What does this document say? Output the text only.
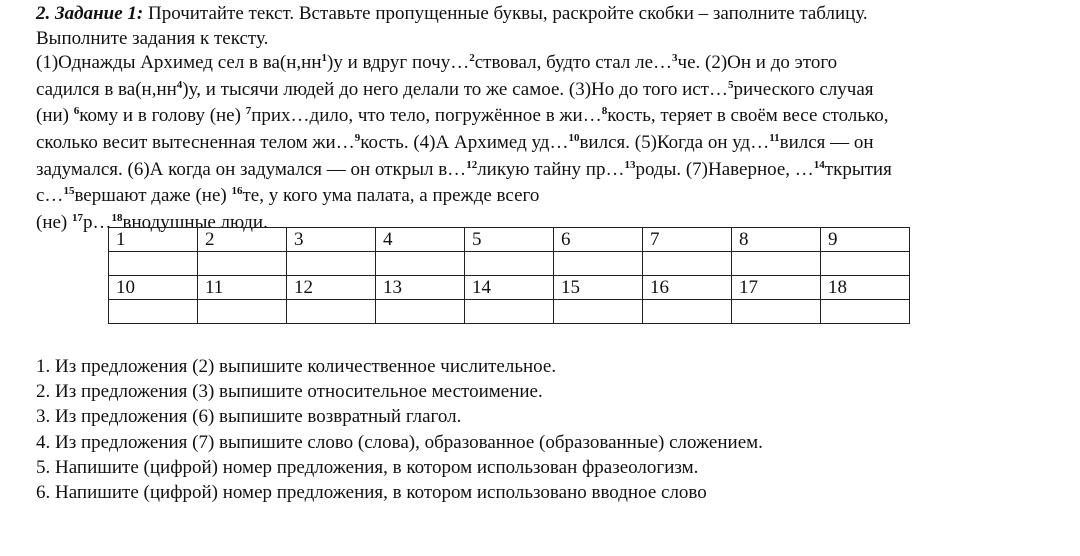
2. Задание 1: Прочитайте текст. Вставьте пропущенные буквы, раскройте скобки – заполните таблицу.
Выполните задания к тексту.
(1)Однажды Архимед сел в $ва(н,нн^1)у$ и вдруг почу…$^2$ствовал, будто стал ле…$^3$че. (2)Он и до этого
садился в $ва(н,нн^4)у$, и тысячи людей до него делали то же самое. (3)Но до того ист…$^5$рического случая
(ни) $^6$кому и в голову (не) $^7$прих…дило, что тело, погружённое в жи…$^8$кость, теряет в своём весе столько,
сколько весит вытесненная телом жи…$^9$кость. (4)А Архимед уд…$^{10}$вился. (5)Когда он уд…$^{11}$вился — он
задумался. (6)А когда он задумался — он открыл в…$^{12}$ликую тайну пр…$^{13}$роды. (7)Наверное, …$^{14}$ткрытия
с…$^{15}$вершают даже (не) $^{16}$те, у кого ума палата, а прежде всего
(не) $^{17}$р…$^{18}$внодушные люди.
1	2	3	4	5	6	7	8	9

10	11	12	13	14	15	16	17	18

1. Из предложения (2) выпишите количественное числительное.
2. Из предложения (3) выпишите относительное местоимение.
3. Из предложения (6) выпишите возвратный глагол.
4. Из предложения (7) выпишите слово (слова), образованное (образованные) сложением.
5. Напишите (цифрой) номер предложения, в котором использован фразеологизм.
6. Напишите (цифрой) номер предложения, в котором использовано вводное слово
